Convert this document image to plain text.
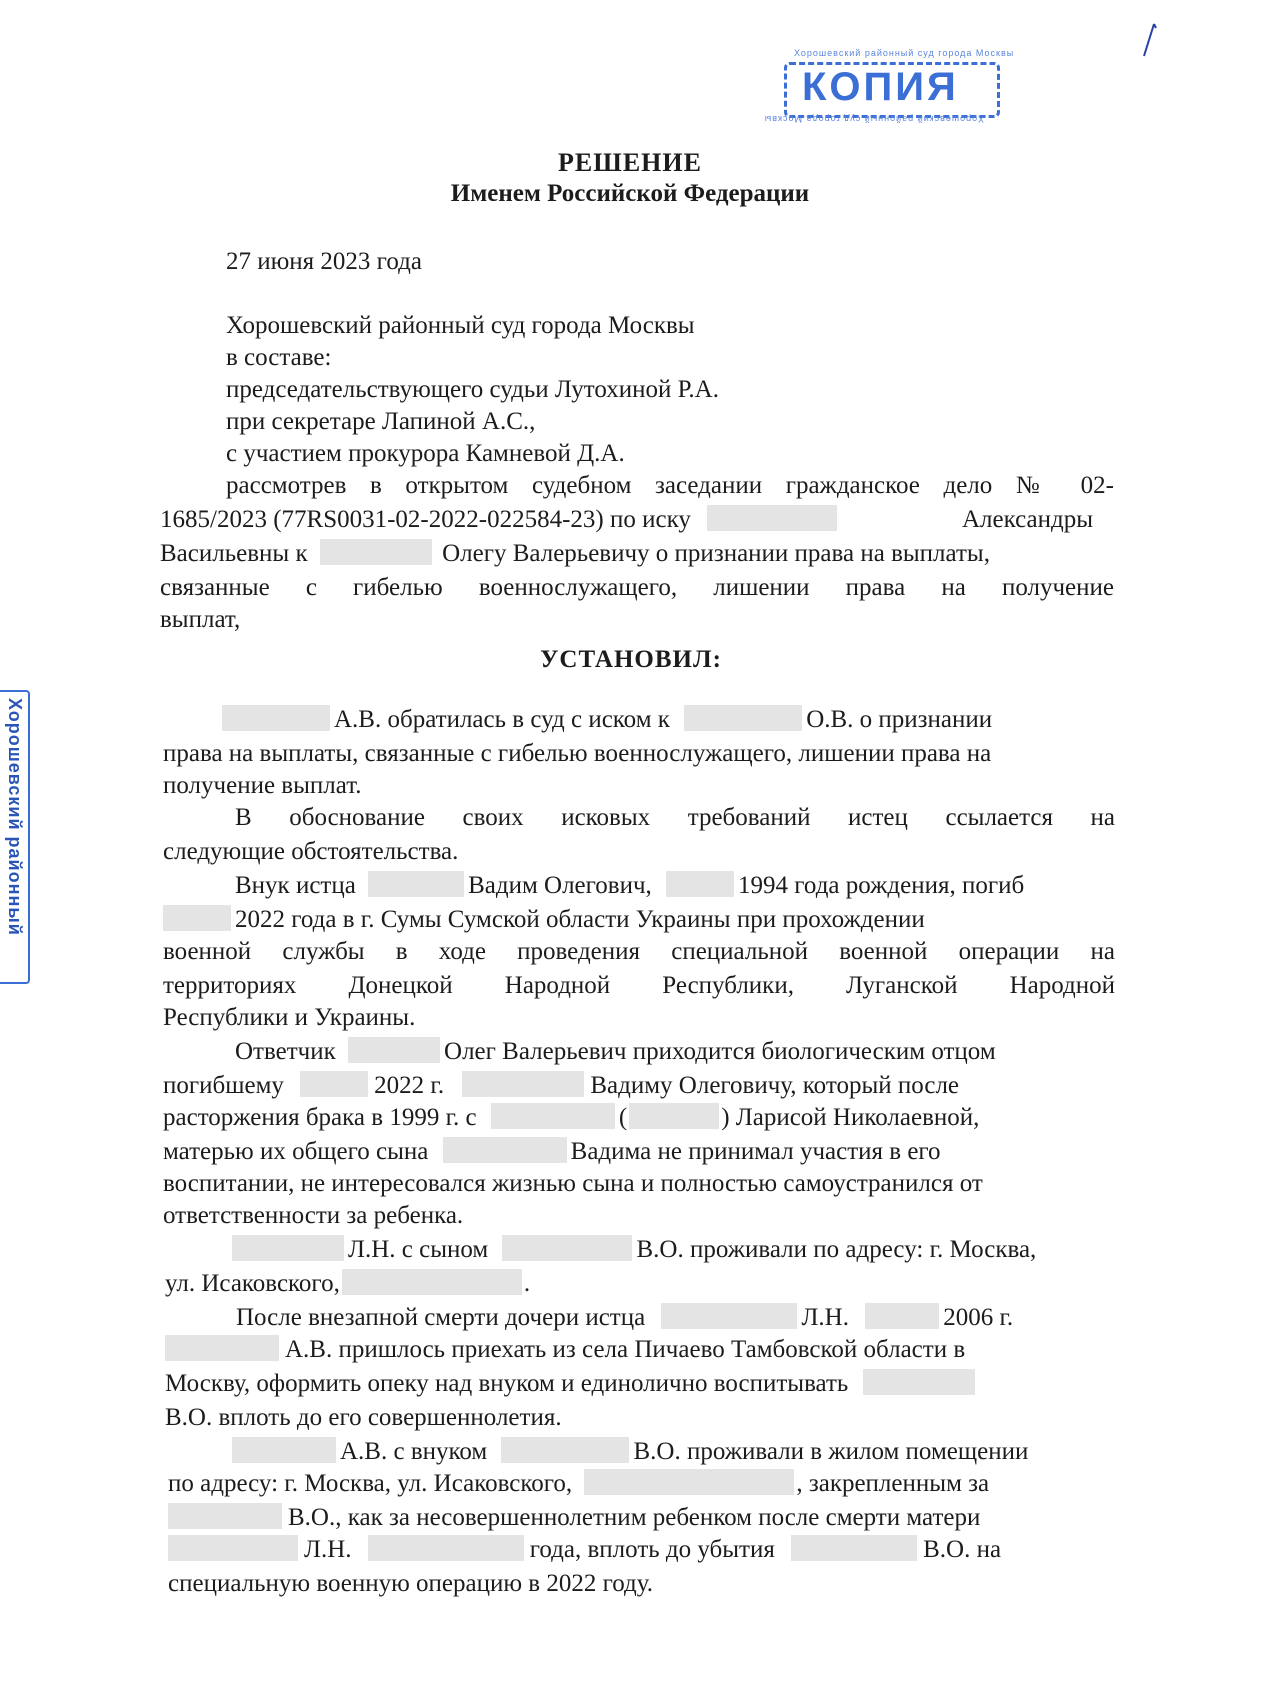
Хорошевский районный суд города Москвы
КОПИЯ
Хорошевский районный суд города Москвы
Хорошевский районный
РЕШЕНИЕ
Именем Российской Федерации
27 июня 2023 года
Хорошевский районный суд города Москвы
в составе:
председательствующего судьи Лутохиной Р.А.
при секретаре Лапиной А.С.,
с участием прокурора Камневой Д.А.
рассмотрев в открытом судебном заседании гражданское дело № 02-
1685/2023 (77RS0031-02-2022-022584-23) по иску	Александры
Васильевны к	Олегу Валерьевичу о признании права на выплаты,
связанные с гибелью военнослужащего, лишении права на получение
выплат,
УСТАНОВИЛ:
А.В. обратилась в суд с иском к	О.В. о признании
права на выплаты, связанные с гибелью военнослужащего, лишении права на
получение выплат.
В обоснование своих исковых требований истец ссылается на
следующие обстоятельства.
Внук истца	Вадим Олегович,	1994 года рождения, погиб
2022 года в г. Сумы Сумской области Украины при прохождении
военной службы в ходе проведения специальной военной операции на
территориях Донецкой Народной Республики, Луганской Народной
Республики и Украины.
Ответчик	Олег Валерьевич приходится биологическим отцом
погибшему	2022 г.	Вадиму Олеговичу, который после
расторжения брака в 1999 г. с	(	) Ларисой Николаевной,
матерью их общего сына	Вадима не принимал участия в его
воспитании, не интересовался жизнью сына и полностью самоустранился от
ответственности за ребенка.
Л.Н. с сыном	В.О. проживали по адресу: г. Москва,
ул. Исаковского,	.
После внезапной смерти дочери истца	Л.Н.	2006 г.
А.В. пришлось приехать из села Пичаево Тамбовской области в
Москву, оформить опеку над внуком и единолично воспитывать
В.О. вплоть до его совершеннолетия.
А.В. с внуком	В.О. проживали в жилом помещении
по адресу: г. Москва, ул. Исаковского,	, закрепленным за
В.О., как за несовершеннолетним ребенком после смерти матери
Л.Н.	года, вплоть до убытия	В.О. на
специальную военную операцию в 2022 году.
